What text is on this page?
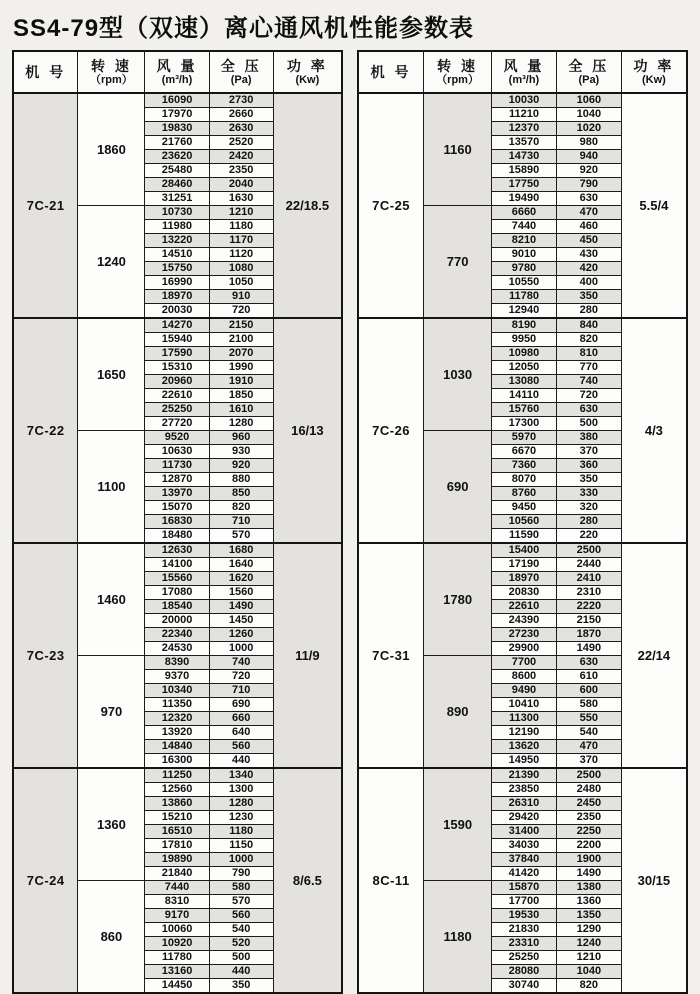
SS4-79型（双速）离心通风机性能参数表
机 号	转 速
（rpm）

风 量
(m³/h)

全 压
(Pa)

功 率
(Kw)

7C-21	1860	16090	2730	22/18.5
		17970	2660	
		19830	2630	
		21760	2520	
		23620	2420	
		25480	2350	
		28460	2040	
		31251	1630	
	1240	10730	1210	
		11980	1180	
		13220	1170	
		14510	1120	
		15750	1080	
		16990	1050	
		18970	910	
		20030	720	
7C-22	1650	14270	2150	16/13
		15940	2100	
		17590	2070	
		15310	1990	
		20960	1910	
		22610	1850	
		25250	1610	
		27720	1280	
	1100	9520	960	
		10630	930	
		11730	920	
		12870	880	
		13970	850	
		15070	820	
		16830	710	
		18480	570	
7C-23	1460	12630	1680	11/9
		14100	1640	
		15560	1620	
		17080	1560	
		18540	1490	
		20000	1450	
		22340	1260	
		24530	1000	
	970	8390	740	
		9370	720	
		10340	710	
		11350	690	
		12320	660	
		13920	640	
		14840	560	
		16300	440	
7C-24	1360	11250	1340	8/6.5
		12560	1300	
		13860	1280	
		15210	1230	
		16510	1180	
		17810	1150	
		19890	1000	
		21840	790	
	860	7440	580	
		8310	570	
		9170	560	
		10060	540	
		10920	520	
		11780	500	
		13160	440	
		14450	350	
机 号	转 速
（rpm）

风 量
(m³/h)

全 压
(Pa)

功 率
(Kw)

7C-25	1160	10030	1060	5.5/4
		11210	1040	
		12370	1020	
		13570	980	
		14730	940	
		15890	920	
		17750	790	
		19490	630	
	770	6660	470	
		7440	460	
		8210	450	
		9010	430	
		9780	420	
		10550	400	
		11780	350	
		12940	280	
7C-26	1030	8190	840	4/3
		9950	820	
		10980	810	
		12050	770	
		13080	740	
		14110	720	
		15760	630	
		17300	500	
	690	5970	380	
		6670	370	
		7360	360	
		8070	350	
		8760	330	
		9450	320	
		10560	280	
		11590	220	
7C-31	1780	15400	2500	22/14
		17190	2440	
		18970	2410	
		20830	2310	
		22610	2220	
		24390	2150	
		27230	1870	
		29900	1490	
	890	7700	630	
		8600	610	
		9490	600	
		10410	580	
		11300	550	
		12190	540	
		13620	470	
		14950	370	
8C-11	1590	21390	2500	30/15
		23850	2480	
		26310	2450	
		29420	2350	
		31400	2250	
		34030	2200	
		37840	1900	
		41420	1490	
	1180	15870	1380	
		17700	1360	
		19530	1350	
		21830	1290	
		23310	1240	
		25250	1210	
		28080	1040	
		30740	820	
